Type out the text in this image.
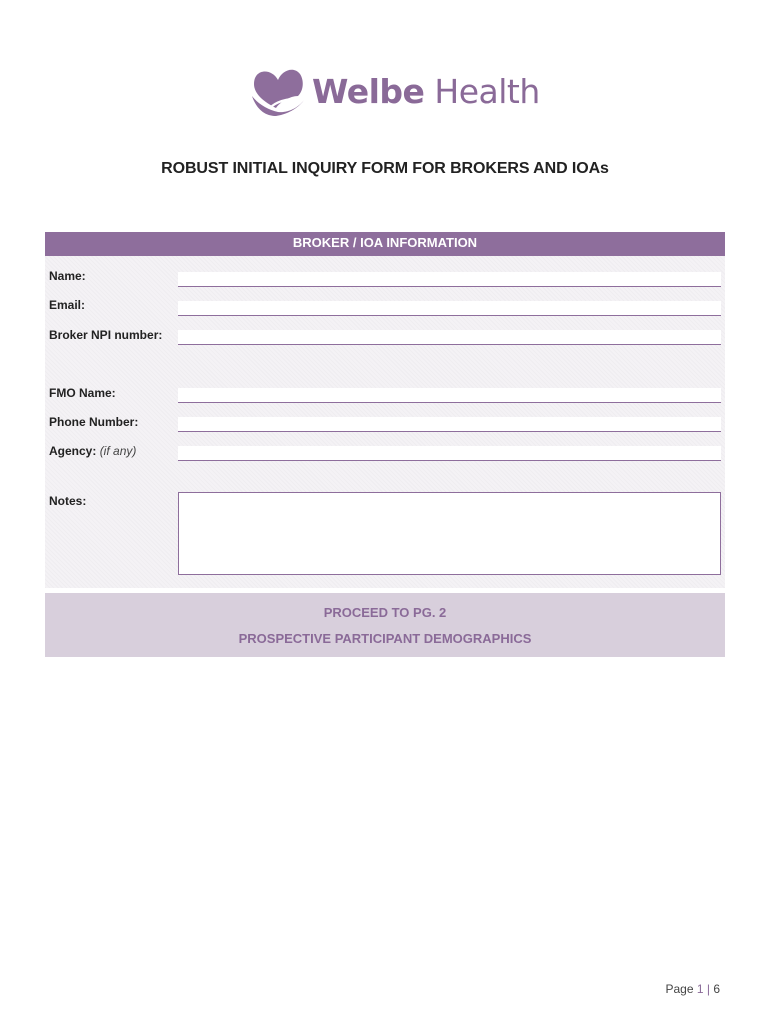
Welbe Health
ROBUST INITIAL INQUIRY FORM FOR BROKERS AND IOAs
BROKER / IOA INFORMATION
Name:
Email:
Broker NPI number:
FMO Name:
Phone Number:
Agency: (if any)
Notes:
PROCEED TO PG. 2
PROSPECTIVE PARTICIPANT DEMOGRAPHICS
Page 1 | 6
